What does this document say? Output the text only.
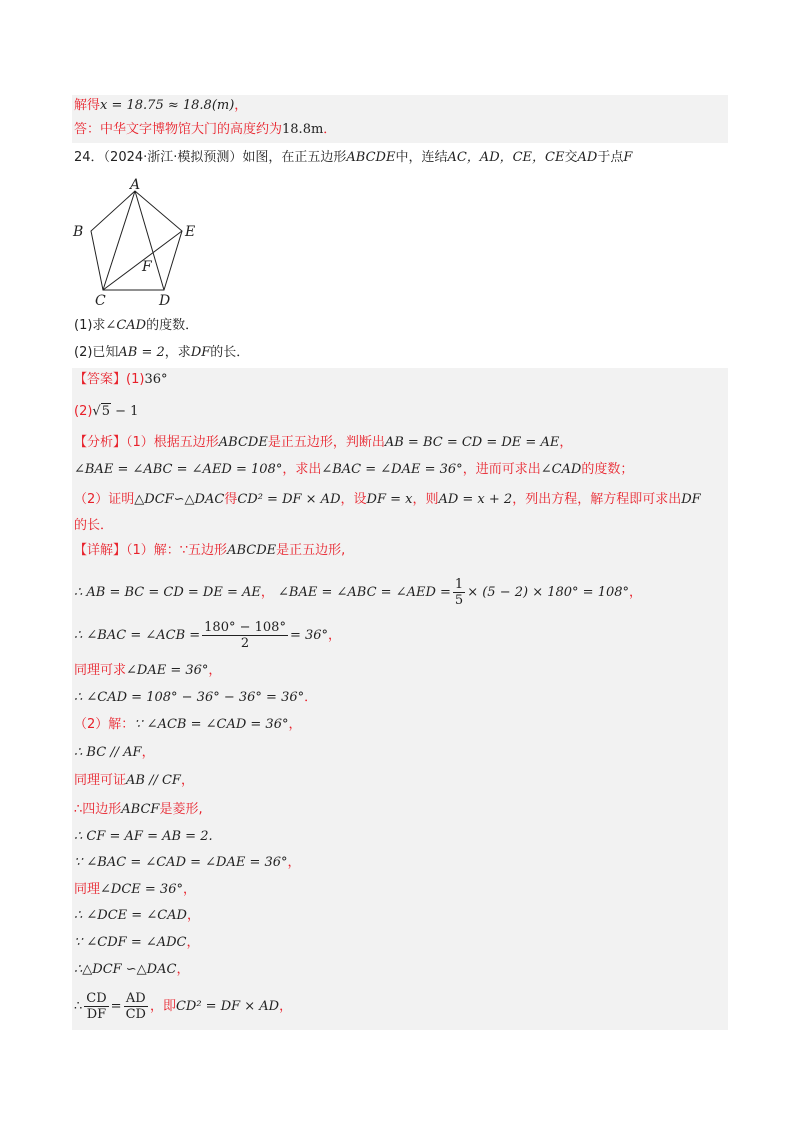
解得x = 18.75 ≈ 18.8(m)，
答：中华文字博物馆大门的高度约为18.8m．
24．（2024·浙江·模拟预测）如图，在正五边形ABCDE中，连结AC，AD，CE，CE交AD于点F
A
B	E
F
C	D
(1)求∠CAD的度数．
(2)已知AB = 2，求DF的长．
【答案】(1)36°
(2)√5 − 1
【分析】（1）根据五边形ABCDE是正五边形，判断出AB = BC = CD = DE = AE，
∠BAE = ∠ABC = ∠AED = 108°，求出∠BAC = ∠DAE = 36°，进而可求出∠CAD的度数；
（2）证明△DCF∽△DAC得CD² = DF × AD，设DF = x，则AD = x + 2，列出方程，解方程即可求出DF
的长．
【详解】（1）解：∵五边形ABCDE是正五边形,
∴ AB = BC = CD = DE = AE， ∠BAE = ∠ABC = ∠AED = $\frac{1}{5} \times (5 - 2) \times 180^\circ = 108^\circ$，
∴ ∠BAC = ∠ACB = $\frac{180^\circ - 108^\circ}{2} = 36^\circ$，
同理可求∠DAE = 36°，
∴ ∠CAD = 108° − 36° − 36° = 36°．
（2）解：∵ ∠ACB = ∠CAD = 36°，
∴ BC // AF，
同理可证AB // CF，
∴四边形ABCF是菱形,
∴ CF = AF = AB = 2.
∵ ∠BAC = ∠CAD = ∠DAE = 36°，
同理∠DCE = 36°，
∴ ∠DCE = ∠CAD，
∵ ∠CDF = ∠ADC，
∴△DCF ∽△DAC，
∴ $\frac{CD}{DF} = \frac{AD}{CD}$ ，即CD² = DF × AD，
